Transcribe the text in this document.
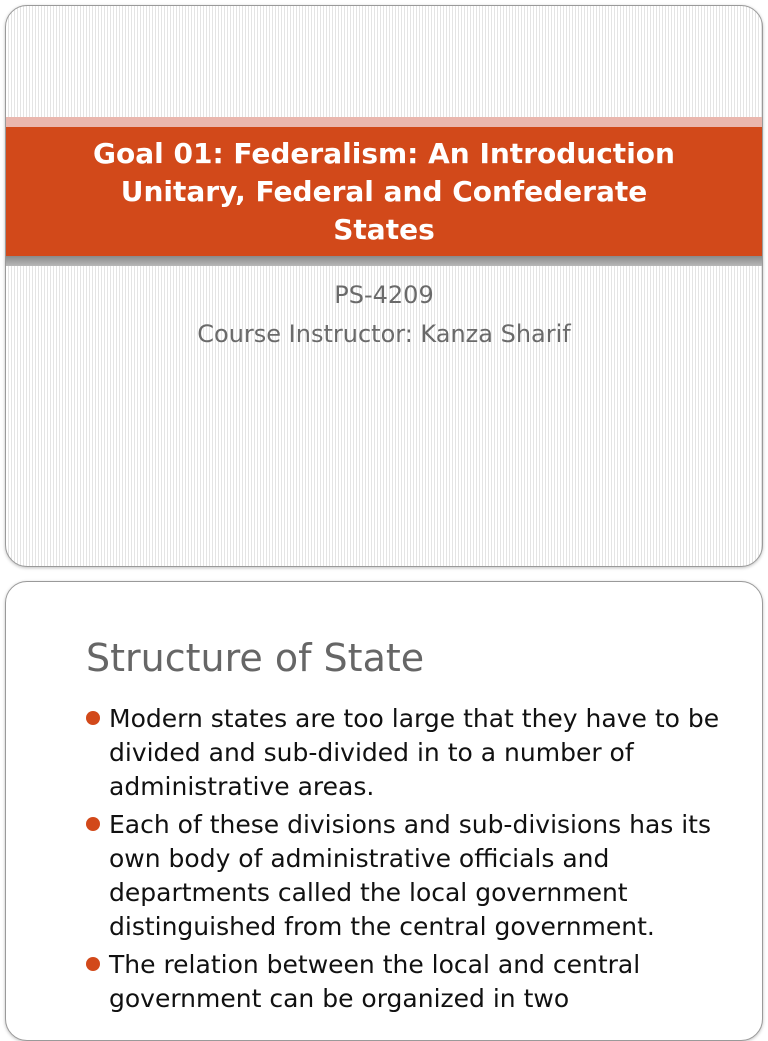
Goal 01: Federalism: An Introduction
Unitary, Federal and Confederate
States
PS-4209
Course Instructor: Kanza Sharif
Structure of State
Modern states are too large that they have to be divided and sub-divided in to a number of administrative areas.
Each of these divisions and sub-divisions has its own body of administrative officials and departments called the local government distinguished from the central government.
The relation between the local and central government can be organized in two
